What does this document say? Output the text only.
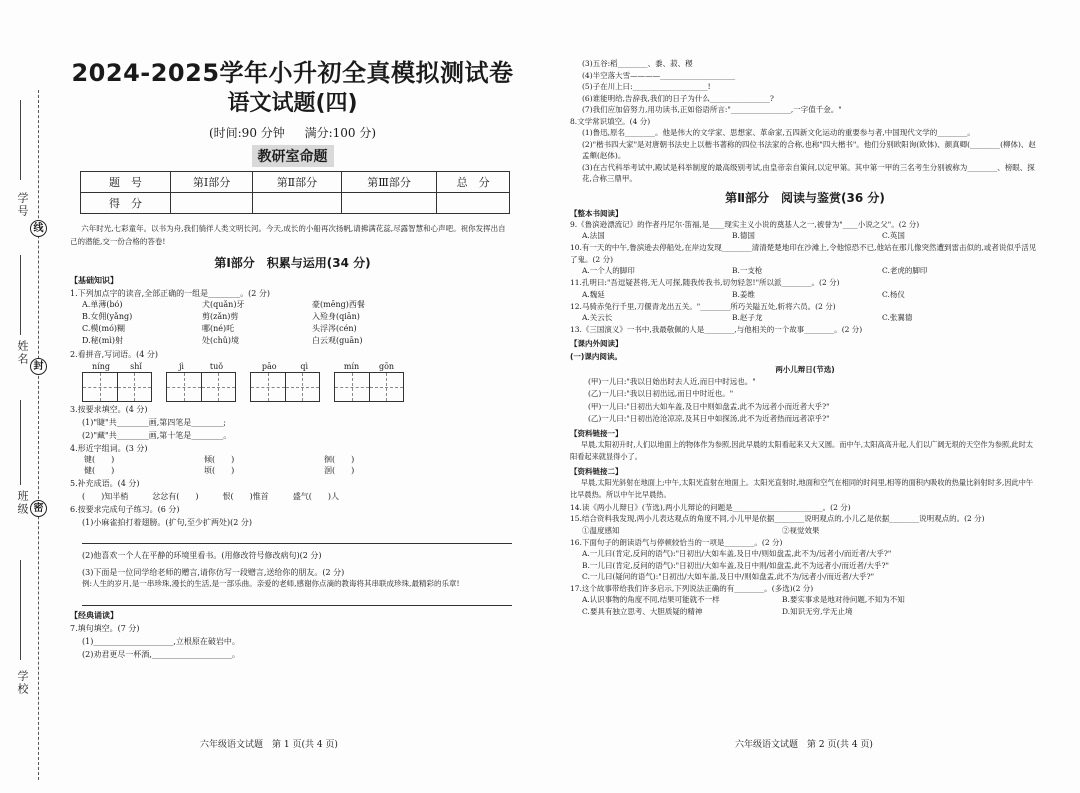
学号
线
姓名
封
班级 密
学校
2024-2025学年小升初全真模拟测试卷
语文试题(四)
(时间:90 分钟 满分:100 分)
教研室命题
题　号	第Ⅰ部分	第Ⅱ部分	第Ⅲ部分	总　分
得　分				
六年时光,七彩童年。以书为舟,我们徜徉人类文明长河。今天,成长的小船再次扬帆,请拂满花蕊,尽露智慧和心声吧。祝你发挥出自己的潜能,交一份合格的答卷!
第Ⅰ部分　积累与运用(34 分)
【基础知识】
1.下列加点字的读音,全部正确的一组是________。(2 分)
A.单薄(bó)	犬(quǎn)牙	豪(mēng)西餐
B.女佣(yǎng)	剪(zǎn)剪	入殓身(qiān)
C.模(mó)糊	哪(né)吒	头浮涔(cén)
D.秘(mì)射	处(chǔ)境	白云观(guān)
2.看拼音,写词语。(4 分)
níng	shǐ	jì	tuǒ	pāo	qì	mín gōn
3.按要求填空。(4 分)
(1)"睫"共________画,第四笔是________;
(2)"藏"共________画,第十笔是________。
4.形近字组词。(3 分)
键(　　)	倾(　　)	徊(　　)
健(　　)	顷(　　)	洄(　　)
5.补充成语。(4 分)
(　　)知半梢　　　忿忿有(　　)　　　恨(　　)惟首　　　盛气(　　)人
6.按要求完成句子练习。(6 分)
(1)小麻雀拍打着翅膀。(扩句,至少扩两处)(2 分)
(2)他喜欢一个人在平静的环境里看书。(用修改符号修改病句)(2 分)
(3)下面是一位同学给老师的赠言,请你仿写一段赠言,送给你的朋友。(2 分)
例:人生的岁月,是一串珍珠,漫长的生活,是一部乐曲。亲爱的老师,感谢你点滴的教诲将其串联成珍珠,最精彩的乐章!
【经典诵读】
7.填句填空。(7 分)
(1)____________________,立根原在破岩中。
(2)劝君更尽一杯酒,____________________。
六年级语文试题　第 1 页(共 4 页)
(3)五谷:稻________、黍、菽、稷
(4)半空落大雪————____________________
(5)子在川上曰:____________________!
(6)谁能明给,告辞我,我们的日子为什么________________?
(7)我们应加倍努力,用功读书,正如俗语所言:"________________,一字值千金。"
8.文学常识填空。(4 分)
(1)鲁迅,原名________。他是伟大的文学家、思想家、革命家,五四新文化运动的重要参与者,中国现代文学的________。
(2)"楷书四大家"是对唐朝书法史上以楷书著称的四位书法家的合称,也称"四大楷书"。他们分别欧阳询(欧体)、颜真卿(________(柳体)、赵孟頫(赵体)。
(3)在古代科举考试中,殿试是科举制度的最高级别考试,由皇帝亲自策问,以定甲第。其中第一甲的三名考生分别被称为________、榜眼、探花,合称三鼎甲。
第Ⅱ部分　阅读与鉴赏(36 分)
【整本书阅读】
9.《鲁滨逊漂流记》的作者丹尼尔·笛福,是____现实主义小说的奠基人之一,被誉为"____小说之父"。(2 分)
A.法国	B.德国	C.英国
10.有一天的中午,鲁滨逊去停船处,在岸边发现________清清楚楚地印在沙滩上,令他惊恐不已,他站在那儿像突然遭到雷击似的,或者说似乎活见了鬼。(2 分)
A.一个人的脚印	B.一支枪	C.老虎的脚印
11.孔明曰:"吾逗疑甚将,无人可探,随我传我书,切勿轻忽!"所以派________。(2 分)
A.魏延	B.姜维	C.杨仪
12.马骑赤兔行千里,刀偃青龙出五关。"________所巧关隘五处,斩将六员。(2 分)
A.关云长	B.赵子龙	C.张翼德
13.《三国演义》一书中,我最敬佩的人是________,与他相关的一个故事________。(2 分)
【课内外阅读】
(一)课内阅读。
两小儿辩日(节选)
(甲)一儿曰:"我以日始出时去人近,而日中时远也。"
(乙)一儿曰:"我以日初出远,而日中时近也。"
(甲)一儿曰:"日初出大如车盖,及日中则如盘盂,此不为远者小而近者大乎?"
(乙)一儿曰:"日初出沧沧凉凉,及其日中如探汤,此不为近者热而远者凉乎?"
【资料链接一】
早晨,太阳初升时,人们以地面上的物体作为参照,因此早晨的太阳看起来又大又圆。而中午,太阳高高升起,人们以广阔无垠的天空作为参照,此时太阳看起来就显得小了。
【资料链接二】
早晨,太阳光斜射在地面上;中午,太阳光直射在地面上。太阳光直射时,地面和空气在相同的时间里,相等的面积内吸收的热量比斜射时多,因此中午比早晨热。所以中午比早晨热。
14.读《两小儿辩日》(节选),两小儿辩论的问题是________________________。(2 分)
15.结合资料我发现,两小儿表达观点的角度不同,小儿甲是依据________说明观点的,小儿乙是依据________说明观点的。(2 分)
①温度感知	②视觉效果
16.下面句子的朗读语气与停顿较恰当的一项是________。(2 分)
A.一儿曰(肯定,反问的语气):"日初出/大如车盖,及日中/则如盘盂,此不为/远者小/而近者/大乎?"
B.一儿曰(肯定,反问的语气):"日初出/大如车盖,及日中则/如盘盂,此不为远者小/而近者/大乎?"
C.一儿曰(疑问的语气):"日初出/大如车盖,及日中/则如盘盂,此不为/远者小/而近者/大乎?"
17.这个故事带给我们许多启示,下列说法正确的有________。(多选)(2 分)
A.认识事物的角度不同,结果可能就不一样	B.要实事求是地对待问题,不知为不知
C.要具有独立思考、大胆质疑的精神	D.知识无穷,学无止境
六年级语文试题　第 2 页(共 4 页)
